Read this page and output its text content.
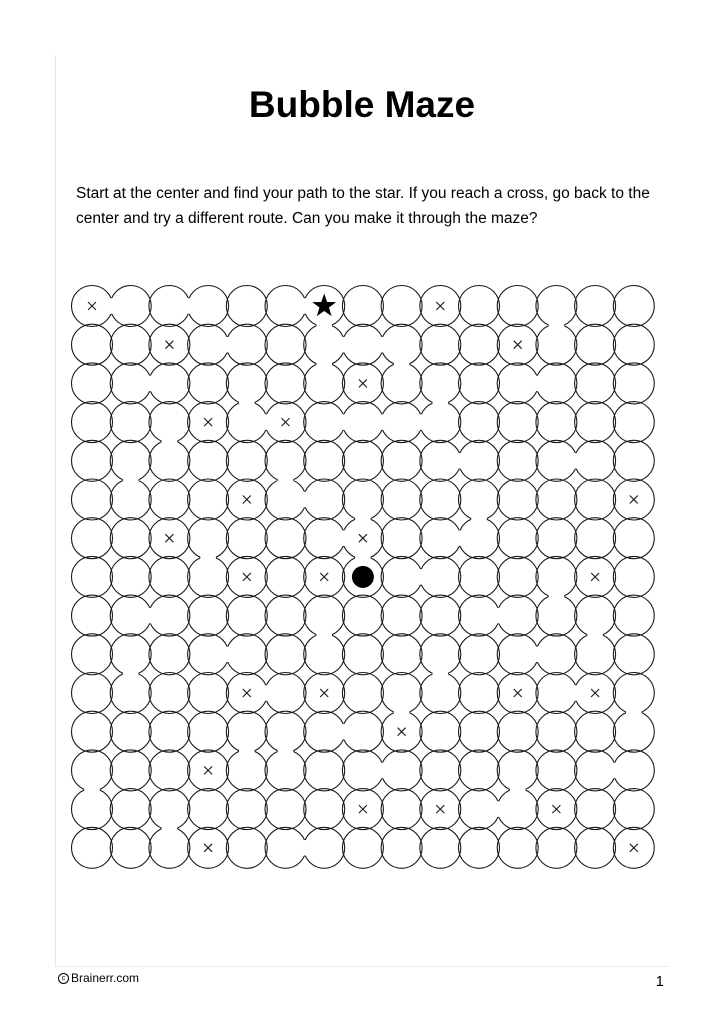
Bubble Maze

Start at the center and find your path to the star. If you reach a cross, go back to the center and try a different route. Can you make it through the maze?

c Brainerr.com	1
